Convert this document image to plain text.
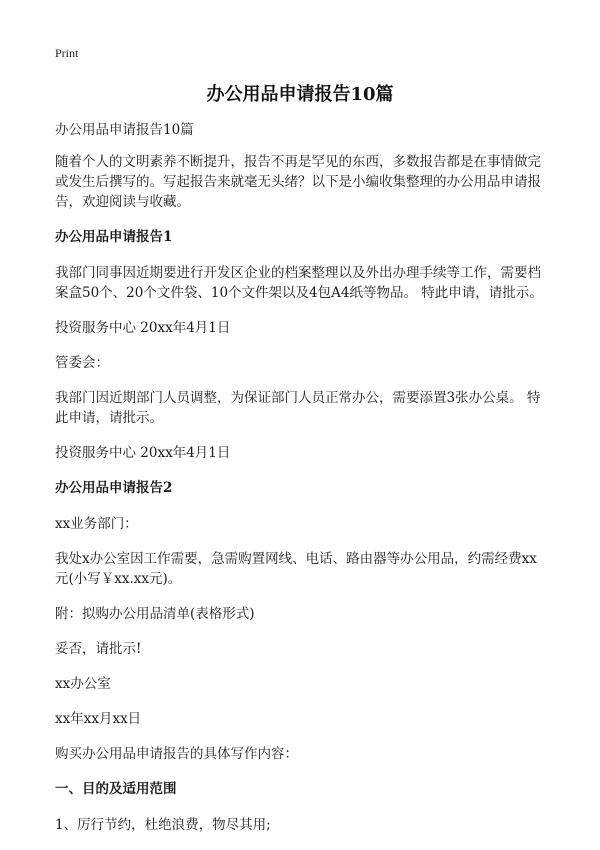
Print
办公用品申请报告10篇

办公用品申请报告10篇

随着个人的文明素养不断提升，报告不再是罕见的东西，多数报告都是在事情做完或发生后撰写的。写起报告来就毫无头绪？以下是小编收集整理的办公用品申请报告，欢迎阅读与收藏。

办公用品申请报告1

我部门同事因近期要进行开发区企业的档案整理以及外出办理手续等工作，需要档案盒50个、20个文件袋、10个文件架以及4包A4纸等物品。 特此申请，请批示。

投资服务中心 20xx年4月1日

管委会：

我部门因近期部门人员调整，为保证部门人员正常办公，需要添置3张办公桌。 特此申请，请批示。

投资服务中心 20xx年4月1日

办公用品申请报告2

xx业务部门：

我处x办公室因工作需要，急需购置网线、电话、路由器等办公用品，约需经费xx元(小写￥xx.xx元)。

附：拟购办公用品清单(表格形式)

妥否，请批示!

xx办公室

xx年xx月xx日

购买办公用品申请报告的具体写作内容：

一、目的及适用范围

1、厉行节约，杜绝浪费，物尽其用;
